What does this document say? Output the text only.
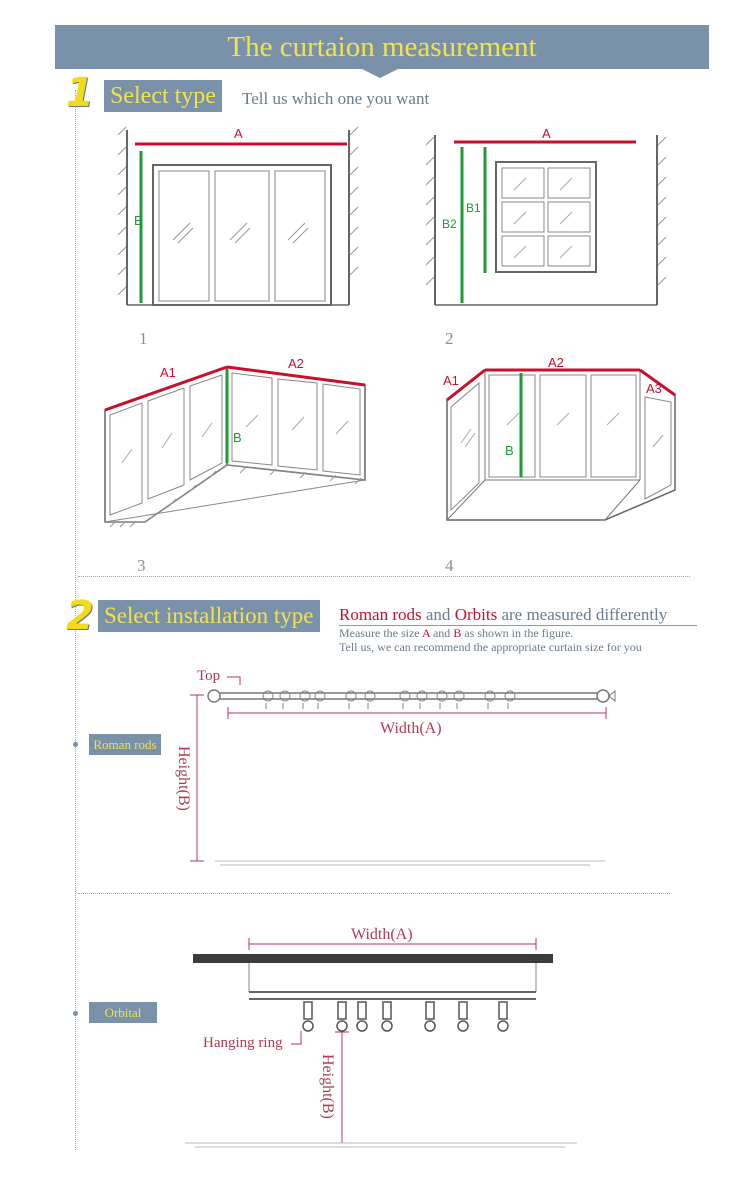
The curtaion measurement
1 Select type	Tell us which one you want
A
B
A
B1
B2
1	2
A1
A2
B
A1
A2
A3
B
3	4
2 Select installation type	Roman rods and Orbits are measured differently
Measure the size A and B as shown in the figure.
Tell us, we can recommend the appropriate curtain size for you
Roman rods
Top
Width(A)
Height(B)
Orbital
Width(A)
Hanging ring
Height(B)
